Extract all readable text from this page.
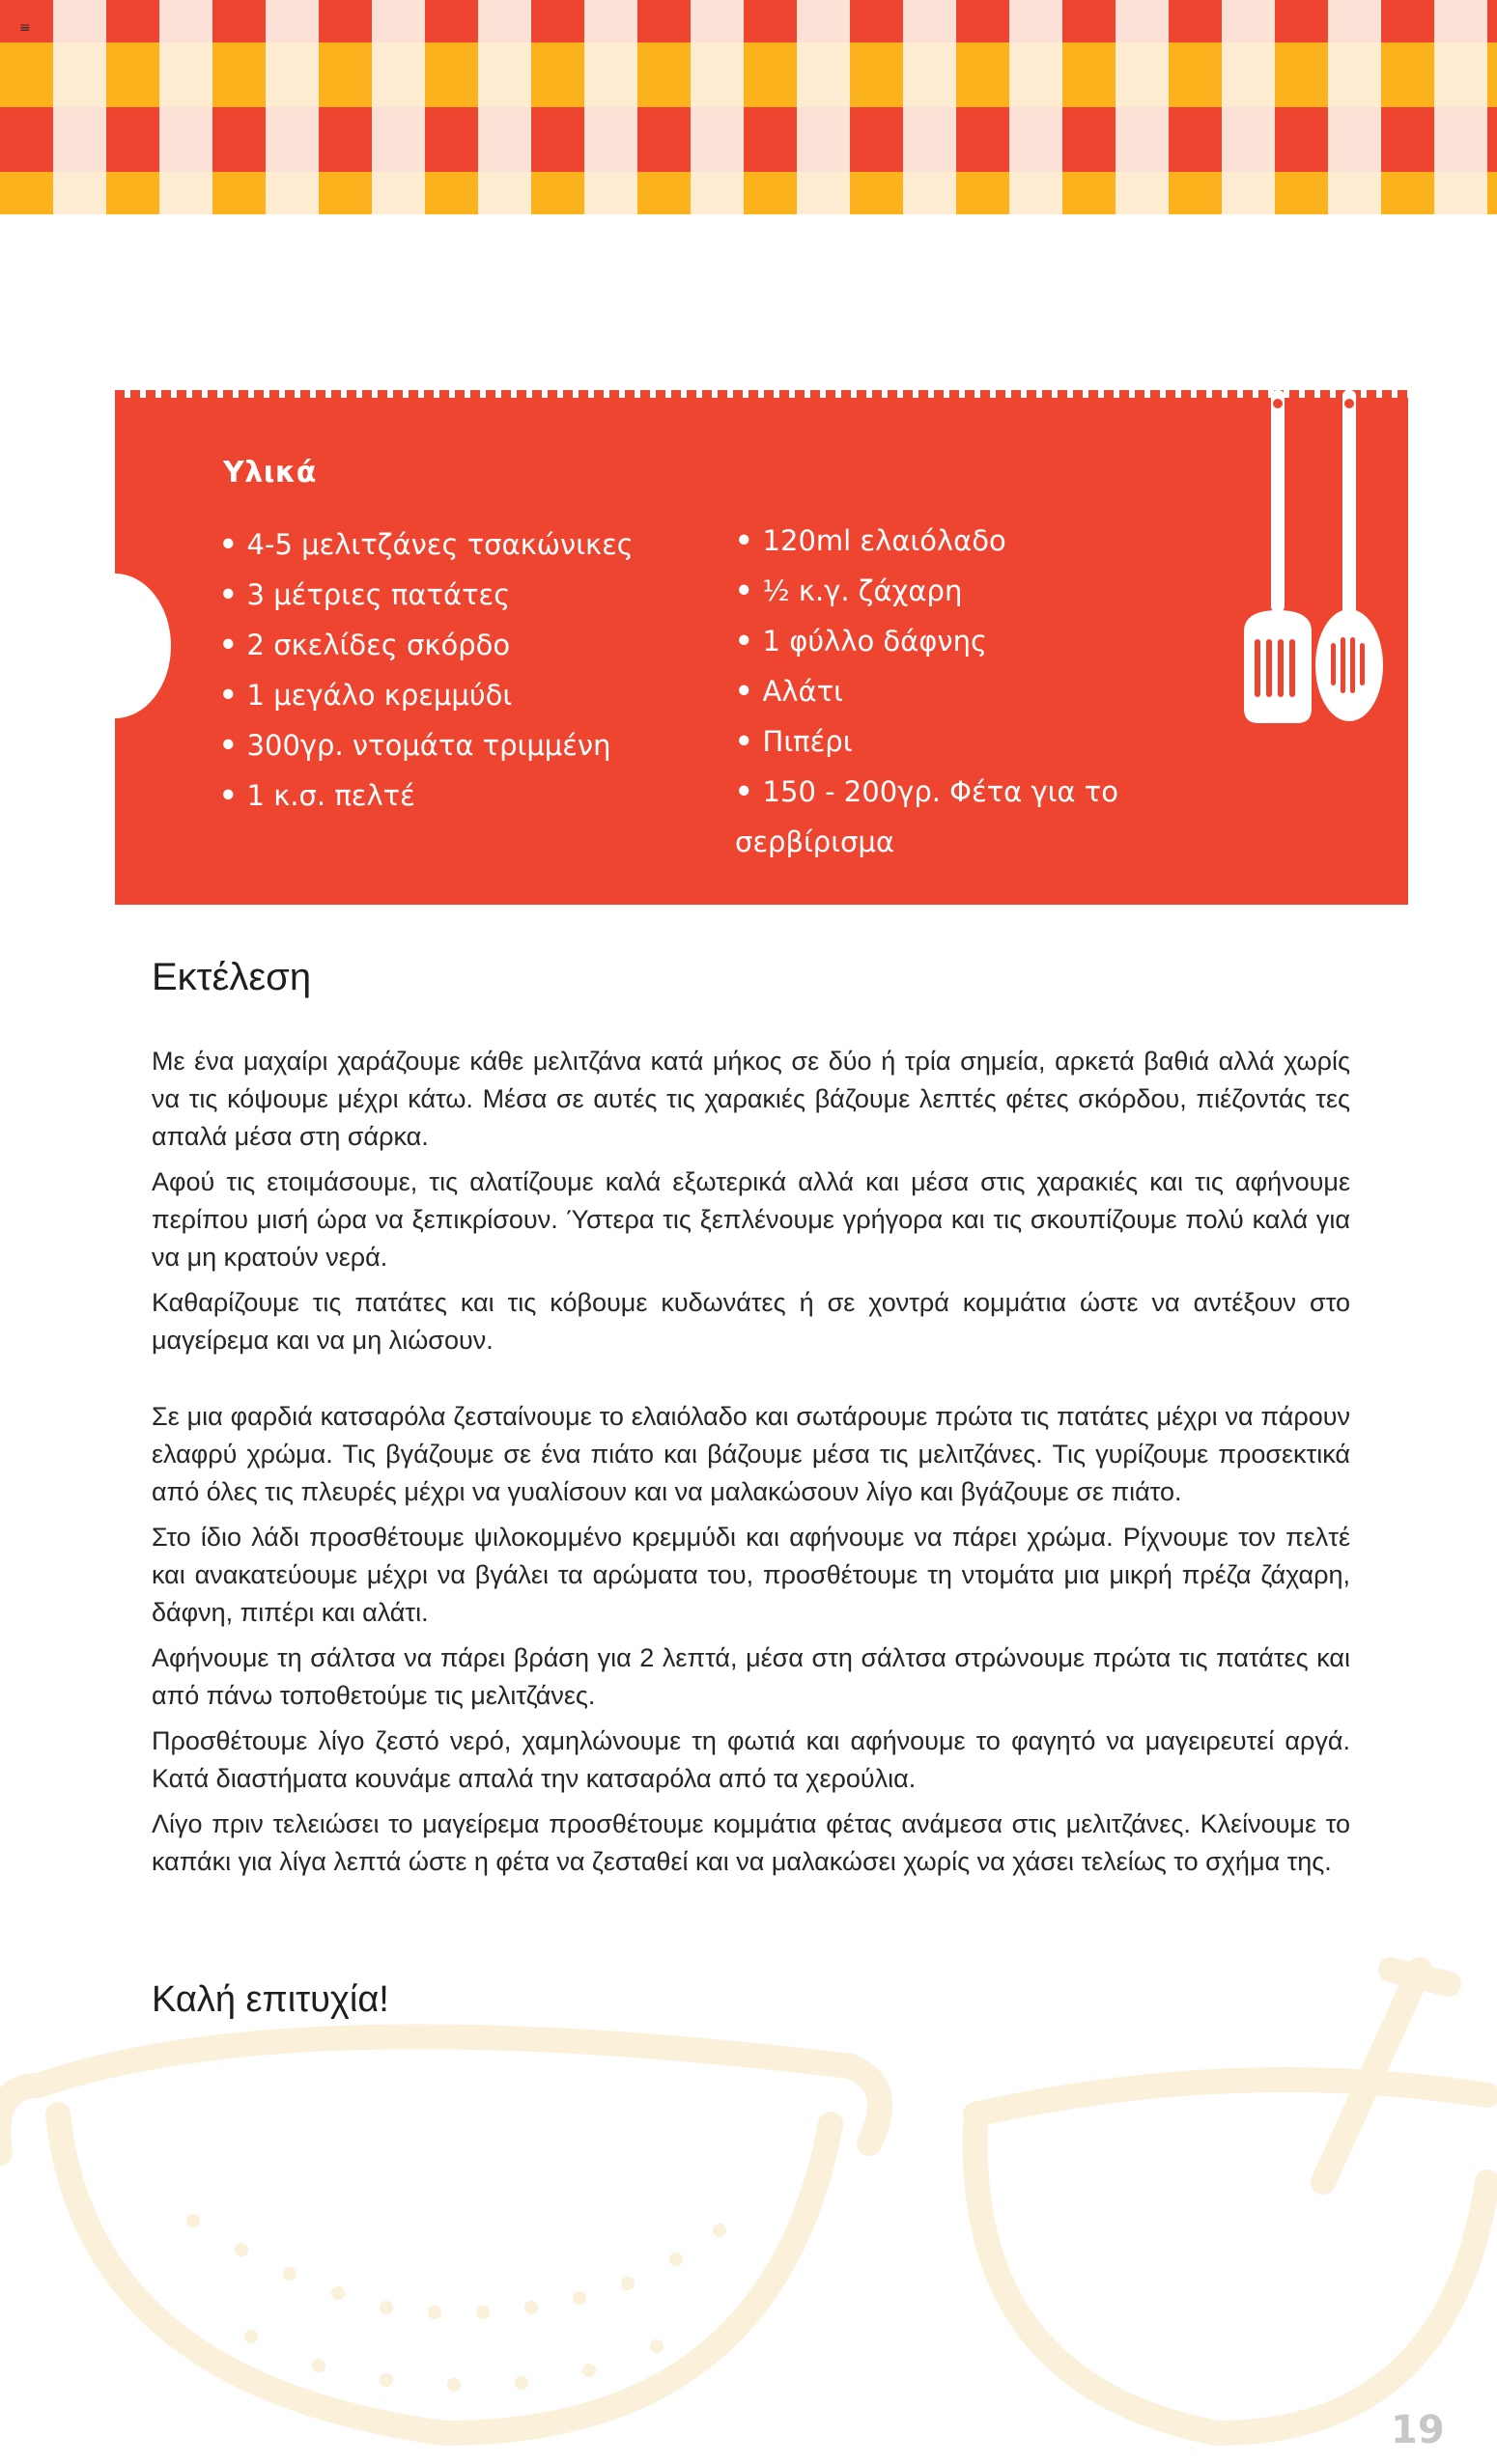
≡
Υλικά
• 4-5 μελιτζάνες τσακώνικες
• 3 μέτριες πατάτες
• 2 σκελίδες σκόρδο
• 1 μεγάλο κρεμμύδι
• 300γρ. ντομάτα τριμμένη
• 1 κ.σ. πελτέ
• 120ml ελαιόλαδο
• ½ κ.γ. ζάχαρη
• 1 φύλλο δάφνης
• Αλάτι
• Πιπέρι
• 150 - 200γρ. Φέτα για το σερβίρισμα
Εκτέλεση

Με ένα μαχαίρι χαράζουμε κάθε μελιτζάνα κατά μήκος σε δύο ή τρία σημεία, αρκετά βαθιά αλλά χωρίς να τις κόψουμε μέχρι κάτω. Μέσα σε αυτές τις χαρακιές βάζουμε λεπτές φέτες σκόρδου, πιέζοντάς τες απαλά μέσα στη σάρκα.

Αφού τις ετοιμάσουμε, τις αλατίζουμε καλά εξωτερικά αλλά και μέσα στις χαρακιές και τις αφήνουμε περίπου μισή ώρα να ξεπικρίσουν. Ύστερα τις ξεπλένουμε γρήγορα και τις σκουπίζουμε πολύ καλά για να μη κρατούν νερά.

Καθαρίζουμε τις πατάτες και τις κόβουμε κυδωνάτες ή σε χοντρά κομμάτια ώστε να αντέξουν στο μαγείρεμα και να μη λιώσουν.

Σε μια φαρδιά κατσαρόλα ζεσταίνουμε το ελαιόλαδο και σωτάρουμε πρώτα τις πατάτες μέχρι να πάρουν ελαφρύ χρώμα. Τις βγάζουμε σε ένα πιάτο και βάζουμε μέσα τις μελιτζάνες. Τις γυρίζουμε προσεκτικά από όλες τις πλευρές μέχρι να γυαλίσουν και να μαλακώσουν λίγο και βγάζουμε σε πιάτο.

Στο ίδιο λάδι προσθέτουμε ψιλοκομμένο κρεμμύδι και αφήνουμε να πάρει χρώμα. Ρίχνουμε τον πελτέ και ανακατεύουμε μέχρι να βγάλει τα αρώματα του, προσθέτουμε τη ντομάτα μια μικρή πρέζα ζάχαρη, δάφνη, πιπέρι και αλάτι.

Αφήνουμε τη σάλτσα να πάρει βράση για 2 λεπτά, μέσα στη σάλτσα στρώνουμε πρώτα τις πατάτες και από πάνω τοποθετούμε τις μελιτζάνες.

Προσθέτουμε λίγο ζεστό νερό, χαμηλώνουμε τη φωτιά και αφήνουμε το φαγητό να μαγειρευτεί αργά. Κατά διαστήματα κουνάμε απαλά την κατσαρόλα από τα χερούλια.

Λίγο πριν τελειώσει το μαγείρεμα προσθέτουμε κομμάτια φέτας ανάμεσα στις μελιτζάνες. Κλείνουμε το καπάκι για λίγα λεπτά ώστε η φέτα να ζεσταθεί και να μαλακώσει χωρίς να χάσει τελείως το σχήμα της.

Καλή επιτυχία!
19
